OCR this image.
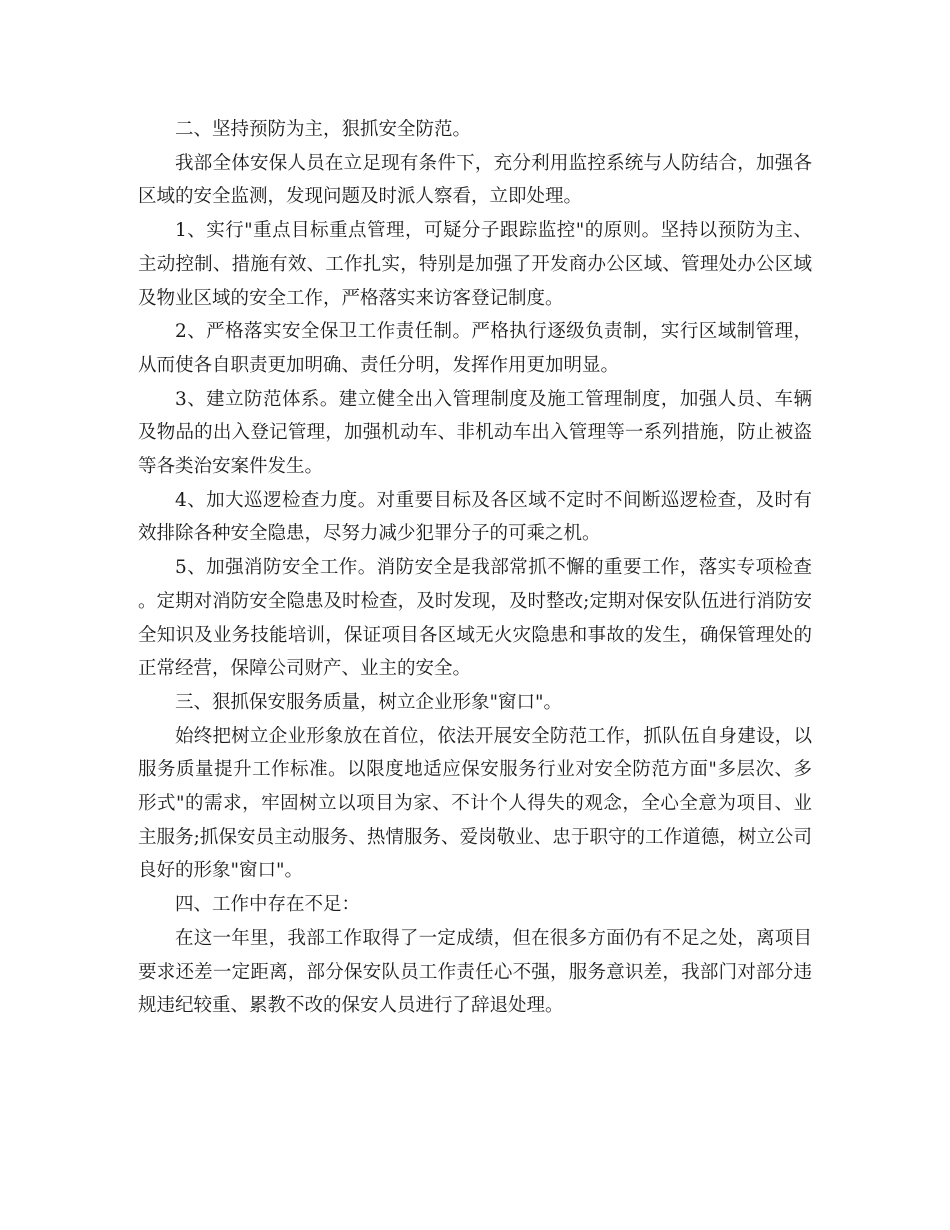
二、坚持预防为主，狠抓安全防范。

我部全体安保人员在立足现有条件下，充分利用监控系统与人防结合，加强各区域的安全监测，发现问题及时派人察看，立即处理。

1、实行"重点目标重点管理，可疑分子跟踪监控"的原则。坚持以预防为主、主动控制、措施有效、工作扎实，特别是加强了开发商办公区域、管理处办公区域及物业区域的安全工作，严格落实来访客登记制度。

2、严格落实安全保卫工作责任制。严格执行逐级负责制，实行区域制管理，从而使各自职责更加明确、责任分明，发挥作用更加明显。

3、建立防范体系。建立健全出入管理制度及施工管理制度，加强人员、车辆及物品的出入登记管理，加强机动车、非机动车出入管理等一系列措施，防止被盗等各类治安案件发生。

4、加大巡逻检查力度。对重要目标及各区域不定时不间断巡逻检查，及时有效排除各种安全隐患，尽努力减少犯罪分子的可乘之机。

5、加强消防安全工作。消防安全是我部常抓不懈的重要工作，落实专项检查。定期对消防安全隐患及时检查，及时发现，及时整改;定期对保安队伍进行消防安全知识及业务技能培训，保证项目各区域无火灾隐患和事故的发生，确保管理处的正常经营，保障公司财产、业主的安全。

三、狠抓保安服务质量，树立企业形象"窗口"。

始终把树立企业形象放在首位，依法开展安全防范工作，抓队伍自身建设，以服务质量提升工作标准。以限度地适应保安服务行业对安全防范方面"多层次、多形式"的需求，牢固树立以项目为家、不计个人得失的观念，全心全意为项目、业主服务;抓保安员主动服务、热情服务、爱岗敬业、忠于职守的工作道德，树立公司良好的形象"窗口"。

四、工作中存在不足：

在这一年里，我部工作取得了一定成绩，但在很多方面仍有不足之处，离项目要求还差一定距离，部分保安队员工作责任心不强，服务意识差，我部门对部分违规违纪较重、累教不改的保安人员进行了辞退处理。
